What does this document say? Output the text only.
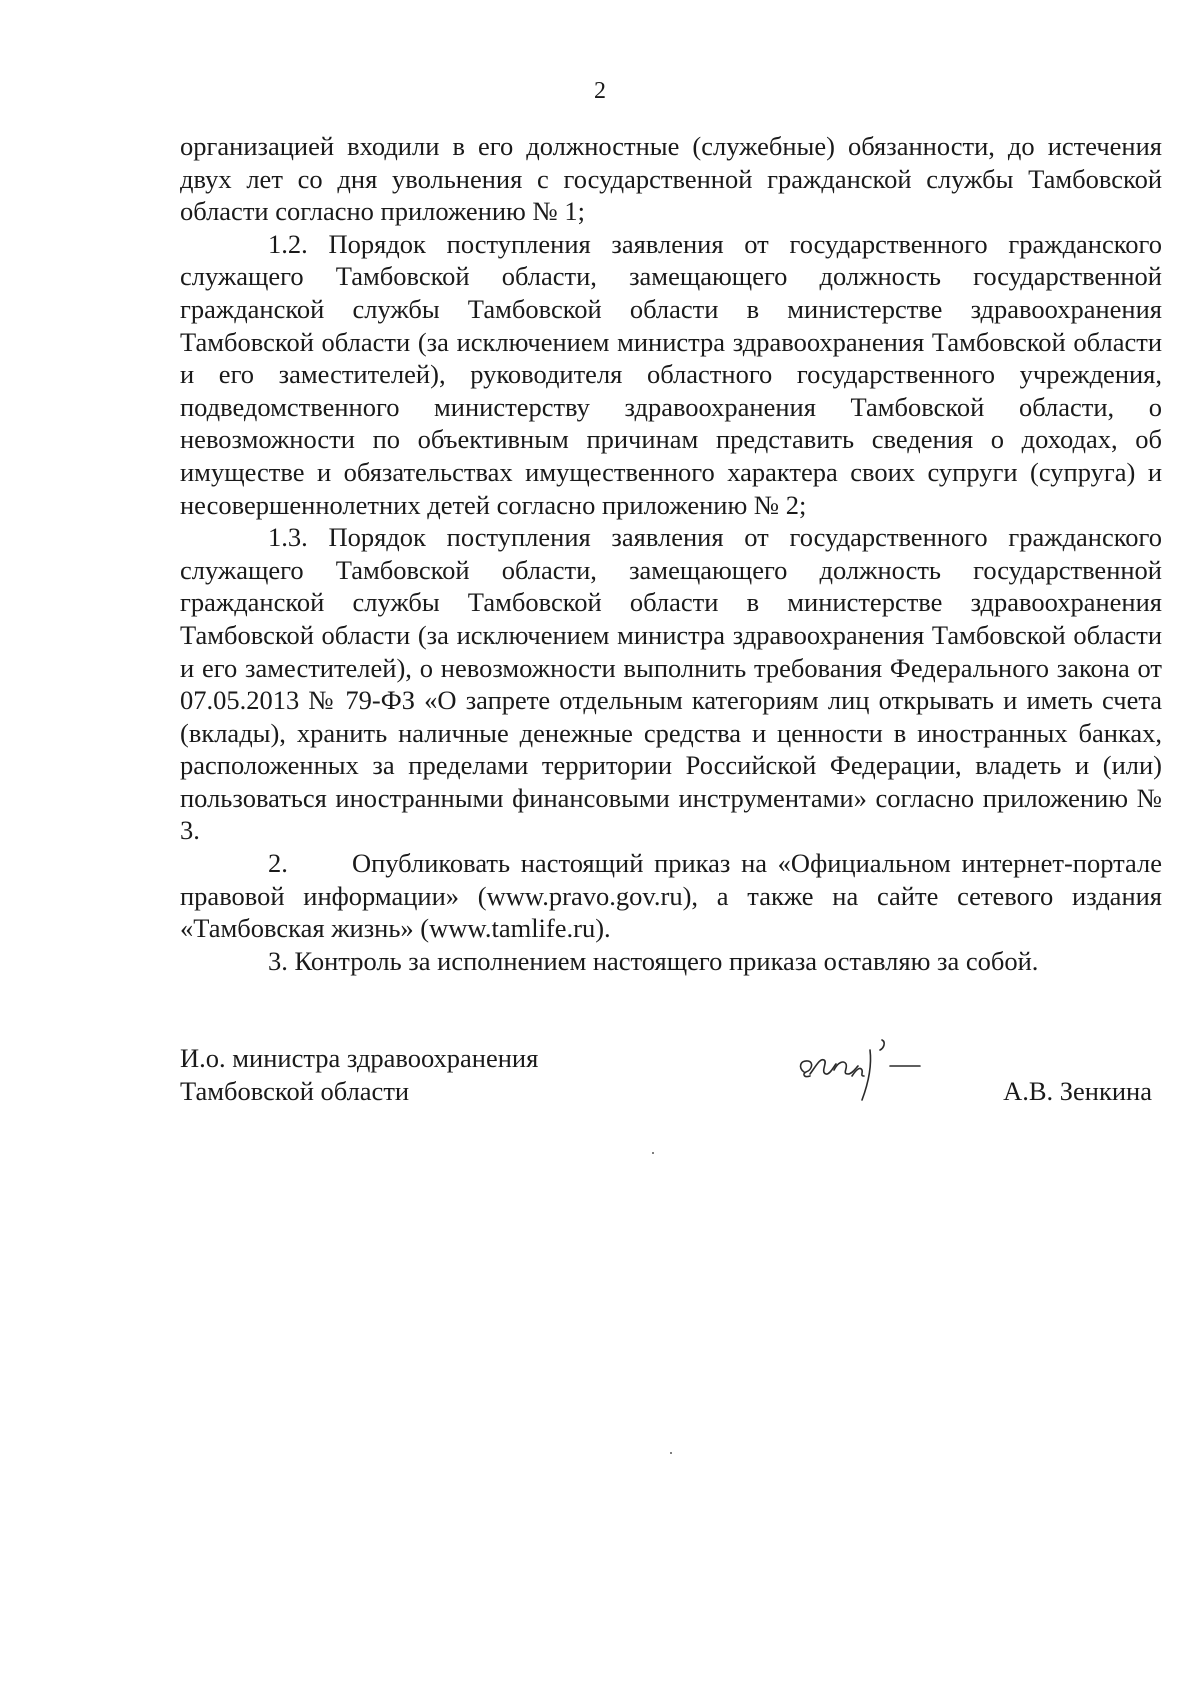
2

организацией входили в его должностные (служебные) обязанности, до истечения двух лет со дня увольнения с государственной гражданской службы Тамбовской области согласно приложению № 1;

1.2. Порядок поступления заявления от государственного гражданского служащего Тамбовской области, замещающего должность государственной гражданской службы Тамбовской области в министерстве здравоохранения Тамбовской области (за исключением министра здравоохранения Тамбовской области и его заместителей), руководителя областного государственного учреждения, подведомственного министерству здравоохранения Тамбовской области, о невозможности по объективным причинам представить сведения о доходах, об имуществе и обязательствах имущественного характера своих супруги (супруга) и несовершеннолетних детей согласно приложению № 2;

1.3. Порядок поступления заявления от государственного гражданского служащего Тамбовской области, замещающего должность государственной гражданской службы Тамбовской области в министерстве здравоохранения Тамбовской области (за исключением министра здравоохранения Тамбовской области и его заместителей), о невозможности выполнить требования Федерального закона от 07.05.2013 № 79-ФЗ «О запрете отдельным категориям лиц открывать и иметь счета (вклады), хранить наличные денежные средства и ценности в иностранных банках, расположенных за пределами территории Российской Федерации, владеть и (или) пользоваться иностранными финансовыми инструментами» согласно приложению № 3.

2.      Опубликовать настоящий приказ на «Официальном интернет-портале правовой информации» (www.pravo.gov.ru), а также на сайте сетевого издания «Тамбовская жизнь» (www.tamlife.ru).

3. Контроль за исполнением настоящего приказа оставляю за собой.

И.о. министра здравоохранения
Тамбовской области	А.В. Зенкина
